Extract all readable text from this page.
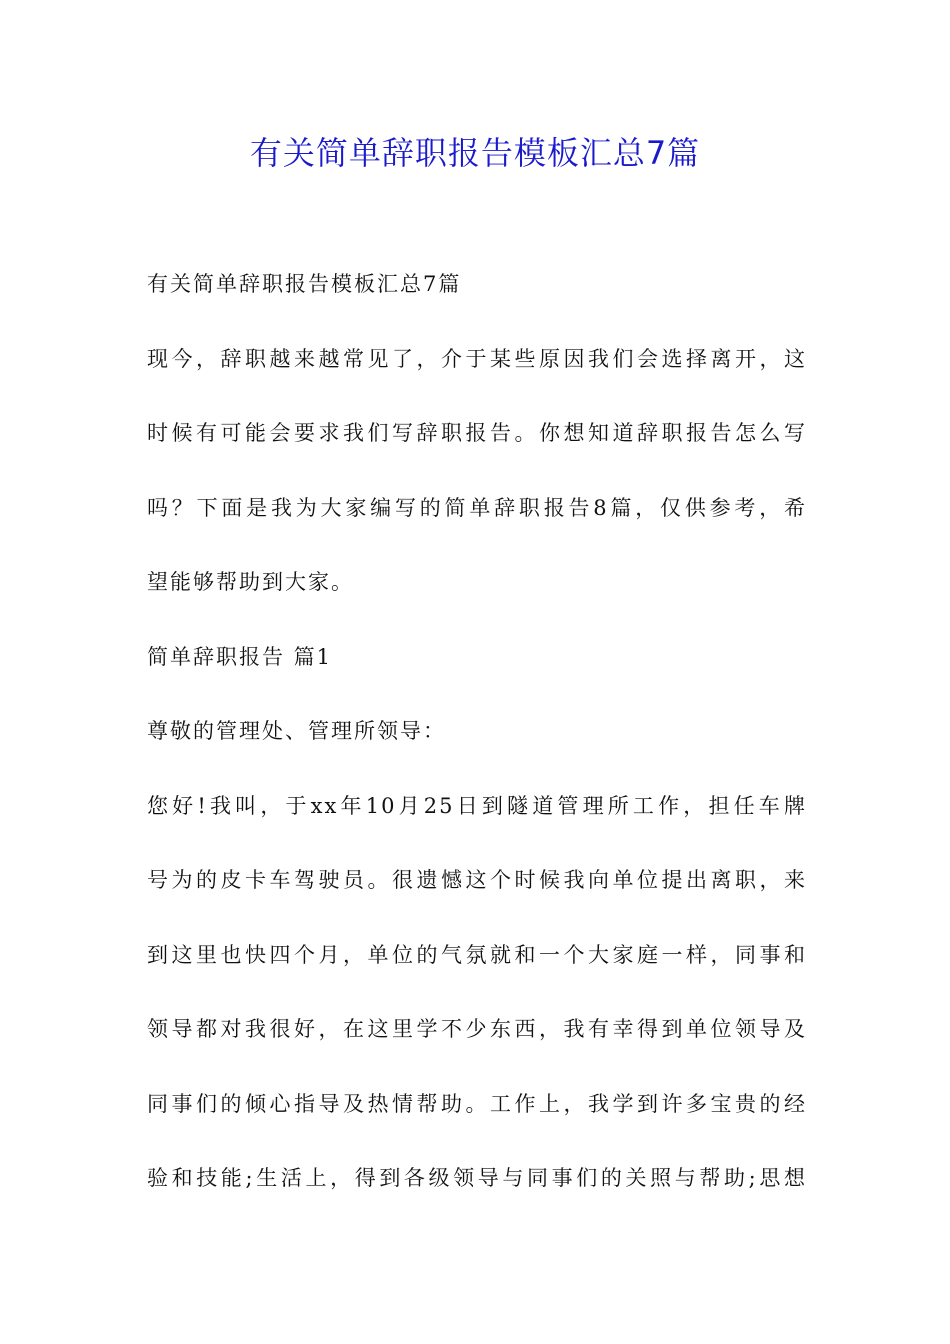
有关简单辞职报告模板汇总7篇
有关简单辞职报告模板汇总7篇
现今，辞职越来越常见了，介于某些原因我们会选择离开，这
时候有可能会要求我们写辞职报告。你想知道辞职报告怎么写
吗？下面是我为大家编写的简单辞职报告8篇，仅供参考，希
望能够帮助到大家。
简单辞职报告 篇1
尊敬的管理处、管理所领导：
您好!我叫，于xx年10月25日到隧道管理所工作，担任车牌
号为的皮卡车驾驶员。很遗憾这个时候我向单位提出离职，来
到这里也快四个月，单位的气氛就和一个大家庭一样，同事和
领导都对我很好，在这里学不少东西，我有幸得到单位领导及
同事们的倾心指导及热情帮助。工作上，我学到许多宝贵的经
验和技能;生活上，得到各级领导与同事们的关照与帮助;思想
